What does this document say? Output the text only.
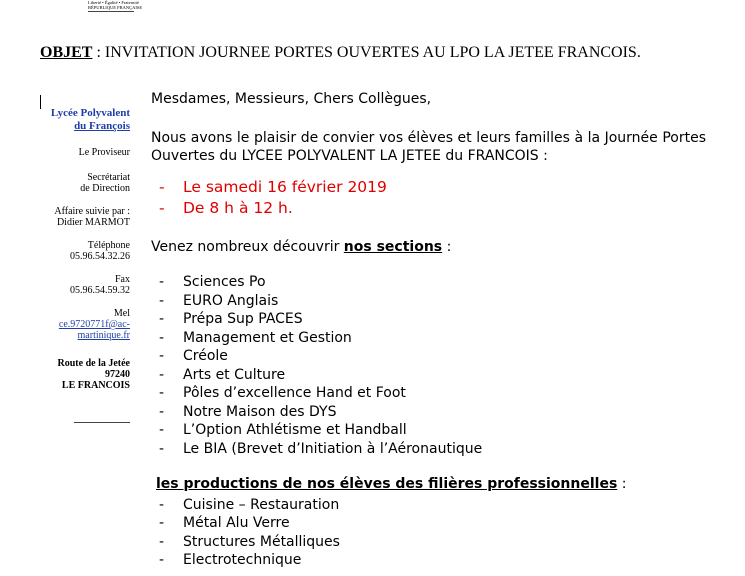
Liberté • Égalité • Fraternité
RÉPUBLIQUE FRANÇAISE
OBJET : INVITATION JOURNEE PORTES OUVERTES AU LPO LA JETEE FRANCOIS.
Lycée Polyvalent
du François
Le Proviseur
Secrétariat
de Direction
Affaire suivie par :
Didier MARMOT
Téléphone
05.96.54.32.26
Fax
05.96.54.59.32
Mel
ce.9720771f@ac-
martinique.fr
Route de la Jetée
97240
LE FRANCOIS

Mesdames, Messieurs, Chers Collègues,

Nous avons le plaisir de convier vos élèves et leurs familles à la Journée Portes Ouvertes du LYCEE POLYVALENT LA JETEE du FRANCOIS :

-	Le samedi 16 février 2019
-	De 8 h à 12 h.

Venez nombreux découvrir nos sections :

-	Sciences Po
-	EURO Anglais
-	Prépa Sup PACES
-	Management et Gestion
-	Créole
-	Arts et Culture
-	Pôles d’excellence Hand et Foot
-	Notre Maison des DYS
-	L’Option Athlétisme et Handball
-	Le BIA (Brevet d’Initiation à l’Aéronautique

les productions de nos élèves des filières professionnelles :

-	Cuisine – Restauration
-	Métal Alu Verre
-	Structures Métalliques
-	Electrotechnique
